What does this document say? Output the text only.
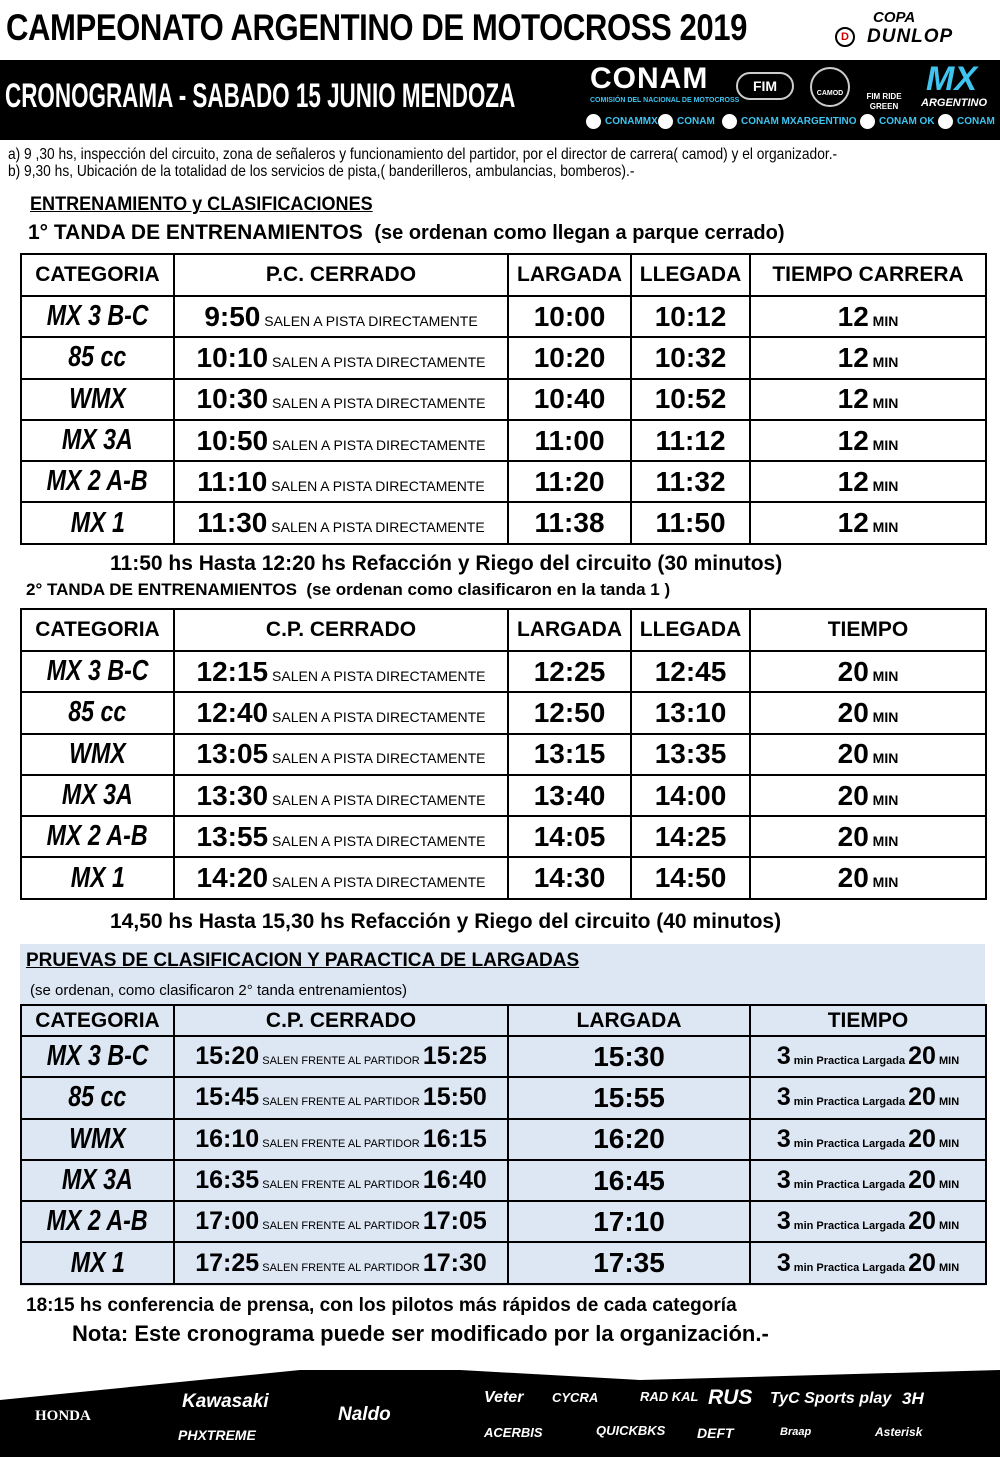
CAMPEONATO ARGENTINO DE MOTOCROSS 2019	D
COPA
DUNLOP
CRONOGRAMA - SABADO 15 JUNIO MENDOZA CONAM
COMISIÓN DEL NACIONAL DE MOTOCROSS
FIM	CAMOD	FIM RIDE GREEN
MX
ARGENTINO
CONAMMX CONAM	CONAM MXARGENTINO CONAM OK CONAM
a) 9 ,30 hs, inspección del circuito, zona de señaleros y funcionamiento del partidor, por el director de carrera( camod) y el organizador.-
b) 9,30 hs, Ubicación de la totalidad de los servicios de pista,( banderilleros, ambulancias, bomberos).-
ENTRENAMIENTO y CLASIFICACIONES
1° TANDA DE ENTRENAMIENTOS (se ordenan como llegan a parque cerrado)
CATEGORIA	P.C. CERRADO	LARGADA	LLEGADA	TIEMPO CARRERA
MX 3 B-C	9:50 SALEN A PISTA DIRECTAMENTE	10:00	10:12	12 MIN
85 cc	10:10 SALEN A PISTA DIRECTAMENTE	10:20	10:32	12 MIN
WMX	10:30 SALEN A PISTA DIRECTAMENTE	10:40	10:52	12 MIN
MX 3A	10:50 SALEN A PISTA DIRECTAMENTE	11:00	11:12	12 MIN
MX 2 A-B	11:10 SALEN A PISTA DIRECTAMENTE	11:20	11:32	12 MIN
MX 1	11:30 SALEN A PISTA DIRECTAMENTE	11:38	11:50	12 MIN
11:50 hs Hasta 12:20 hs Refacción y Riego del circuito (30 minutos)
2° TANDA DE ENTRENAMIENTOS (se ordenan como clasificaron en la tanda 1 )
CATEGORIA	C.P. CERRADO	LARGADA	LLEGADA	TIEMPO
MX 3 B-C	12:15 SALEN A PISTA DIRECTAMENTE	12:25	12:45	20 MIN
85 cc	12:40 SALEN A PISTA DIRECTAMENTE	12:50	13:10	20 MIN
WMX	13:05 SALEN A PISTA DIRECTAMENTE	13:15	13:35	20 MIN
MX 3A	13:30 SALEN A PISTA DIRECTAMENTE	13:40	14:00	20 MIN
MX 2 A-B	13:55 SALEN A PISTA DIRECTAMENTE	14:05	14:25	20 MIN
MX 1	14:20 SALEN A PISTA DIRECTAMENTE	14:30	14:50	20 MIN
14,50 hs Hasta 15,30 hs Refacción y Riego del circuito (40 minutos)
PRUEVAS DE CLASIFICACION Y PARACTICA DE LARGADAS
(se ordenan, como clasificaron 2° tanda entrenamientos)
CATEGORIA	C.P. CERRADO	LARGADA	TIEMPO
MX 3 B-C	15:20 SALEN FRENTE AL PARTIDOR 15:25	15:30	3 min Practica Largada 20 MIN
85 cc	15:45 SALEN FRENTE AL PARTIDOR 15:50	15:55	3 min Practica Largada 20 MIN
WMX	16:10 SALEN FRENTE AL PARTIDOR 16:15	16:20	3 min Practica Largada 20 MIN
MX 3A	16:35 SALEN FRENTE AL PARTIDOR 16:40	16:45	3 min Practica Largada 20 MIN
MX 2 A-B	17:00 SALEN FRENTE AL PARTIDOR 17:05	17:10	3 min Practica Largada 20 MIN
MX 1	17:25 SALEN FRENTE AL PARTIDOR 17:30	17:35	3 min Practica Largada 20 MIN
18:15 hs conferencia de prensa, con los pilotos más rápidos de cada categoría
Nota: Este cronograma puede ser modificado por la organización.-
HONDA
Kawasaki
PHXTREME
Naldo
Veter CYCRA	RAD KAL RUS TyC Sports play 3H
ACERBIS	QUICKBKS DEFT	Braap	Asterisk
